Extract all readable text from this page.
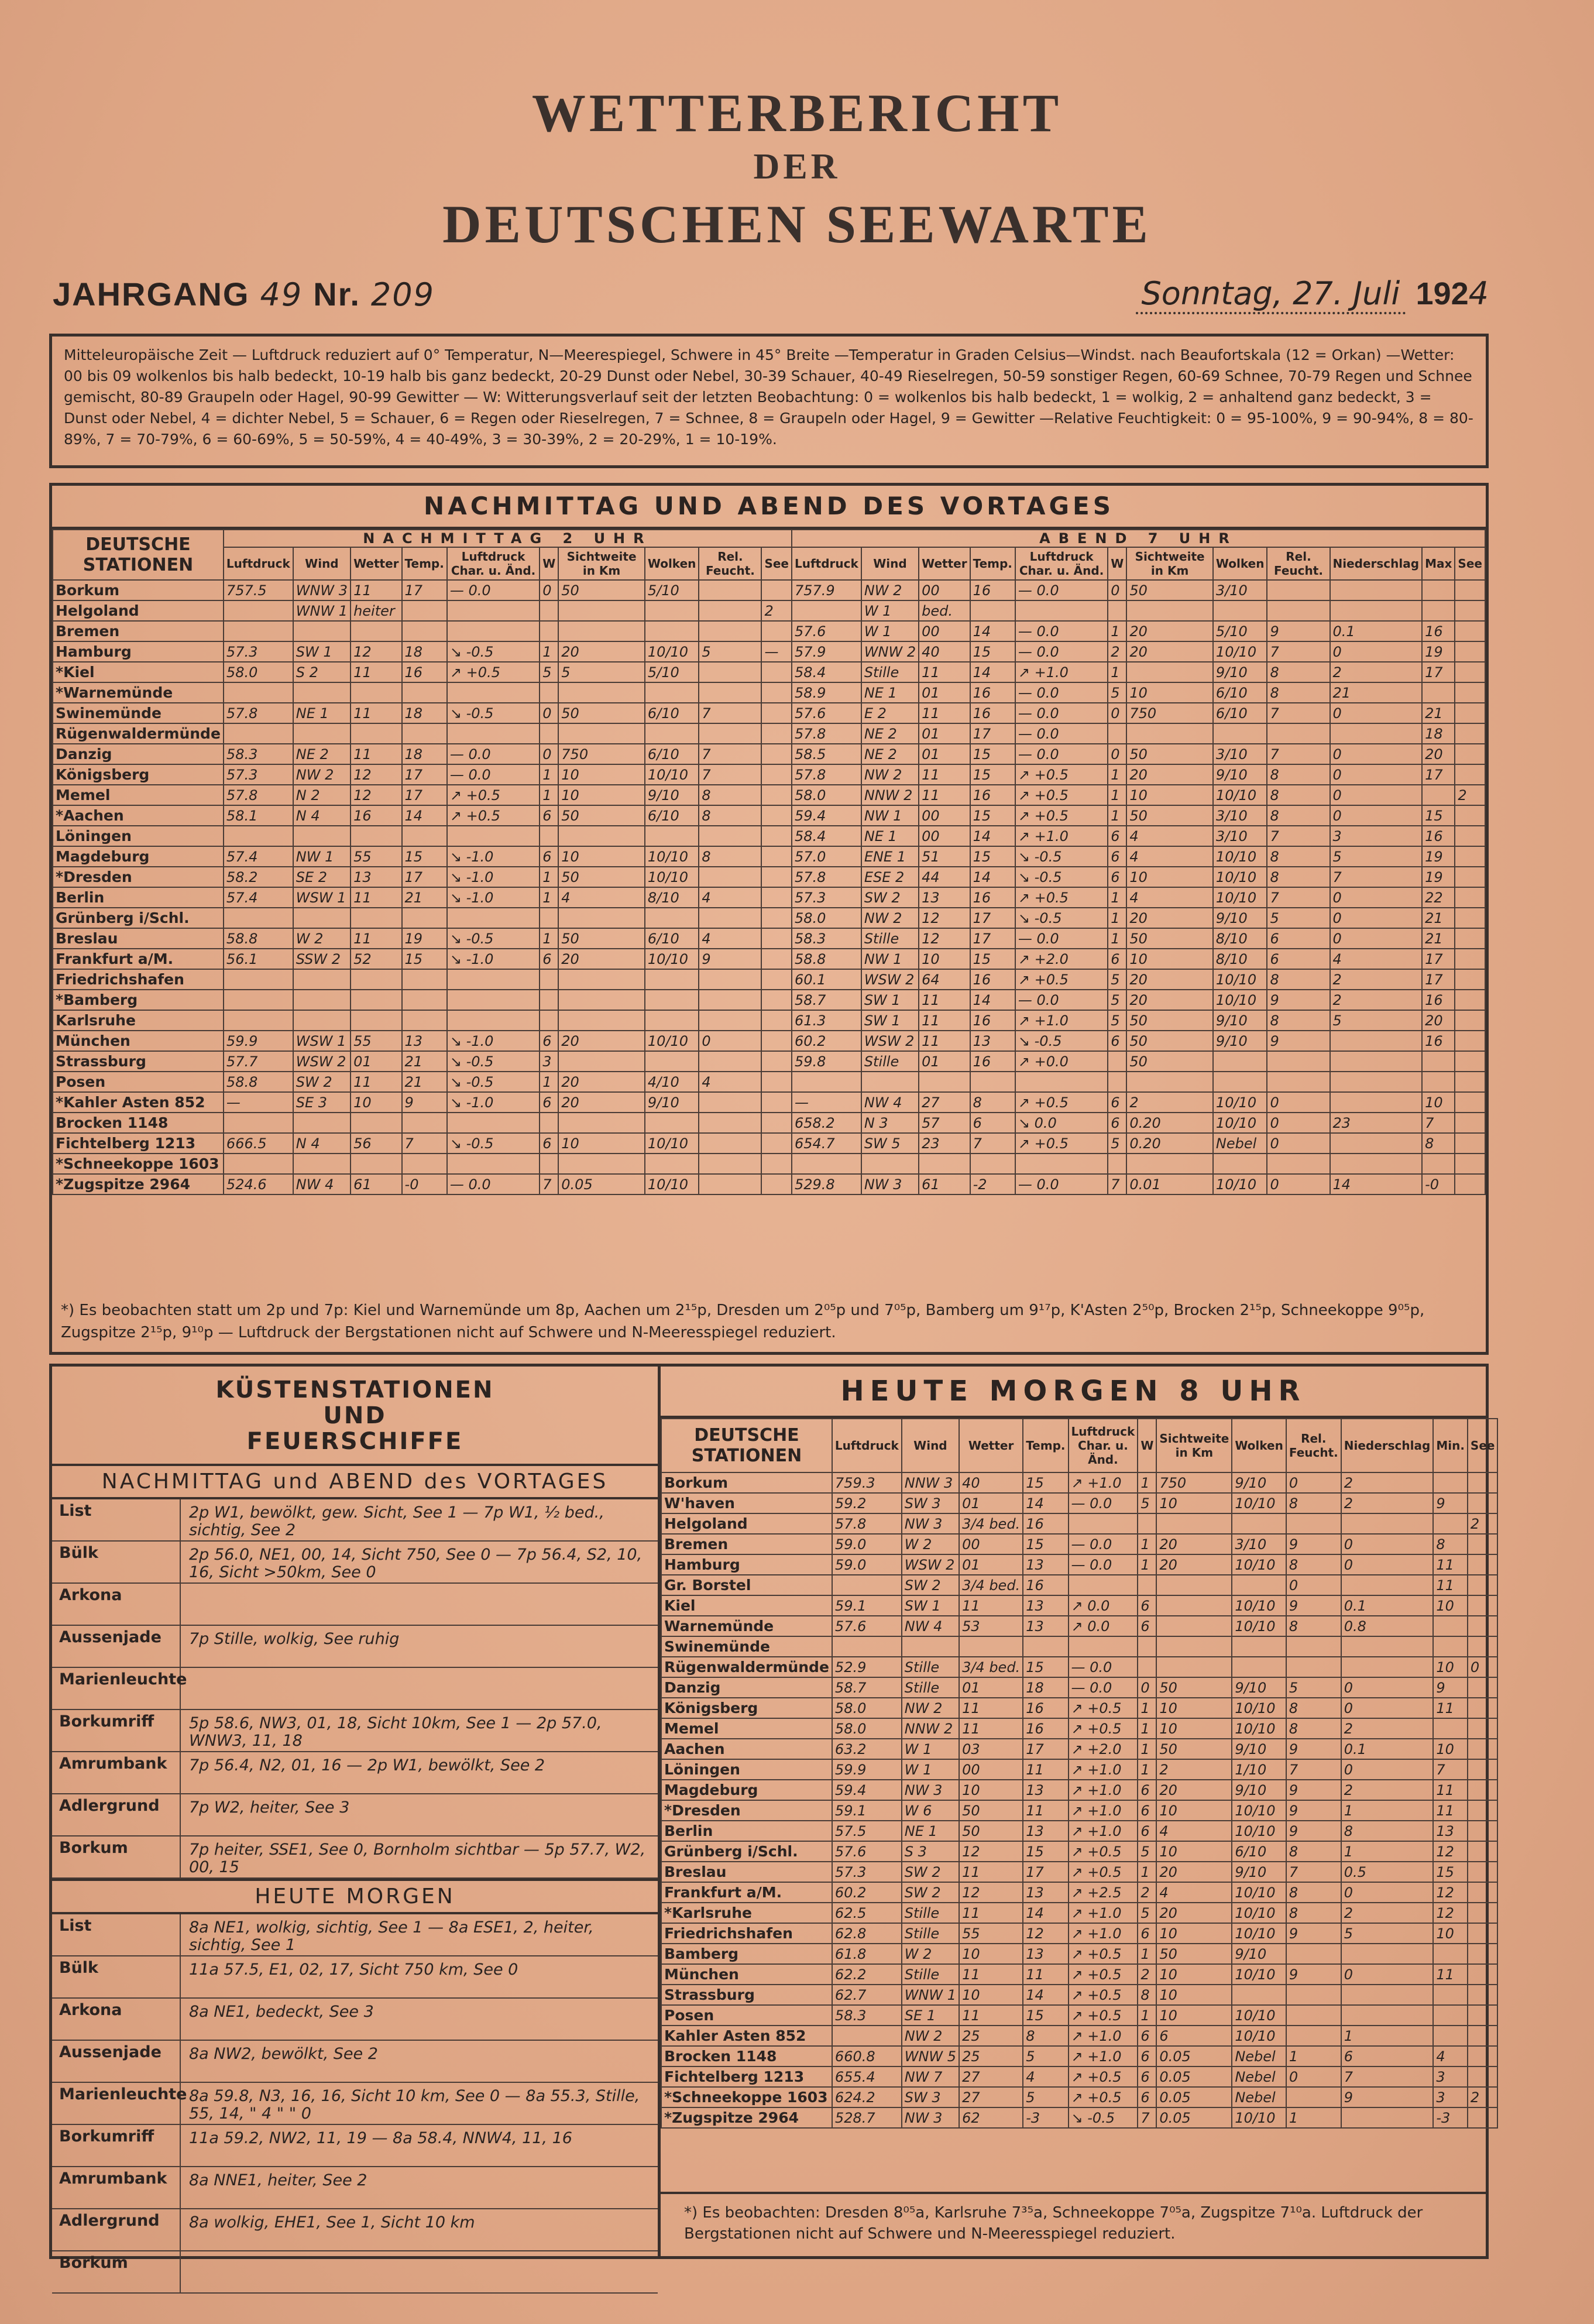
WETTERBERICHT
DER
DEUTSCHEN SEEWARTE
JAHRGANG 49 Nr. 209	Sonntag, 27. Juli 1924

Mitteleuropäische Zeit — Luftdruck reduziert auf 0° Temperatur, N—Meerespiegel, Schwere in 45° Breite —Temperatur in Graden Celsius—Windst. nach Beaufortskala (12 = Orkan) —Wetter: 00 bis 09 wolkenlos bis halb bedeckt, 10-19 halb bis ganz bedeckt, 20-29 Dunst oder Nebel, 30-39 Schauer, 40-49 Rieselregen, 50-59 sonstiger Regen, 60-69 Schnee, 70-79 Regen und Schnee gemischt, 80-89 Graupeln oder Hagel, 90-99 Gewitter — W: Witterungsverlauf seit der letzten Beobachtung: 0 = wolkenlos bis halb bedeckt, 1 = wolkig, 2 = anhaltend ganz bedeckt, 3 = Dunst oder Nebel, 4 = dichter Nebel, 5 = Schauer, 6 = Regen oder Rieselregen, 7 = Schnee, 8 = Graupeln oder Hagel, 9 = Gewitter —Relative Feuchtigkeit: 0 = 95-100%, 9 = 90-94%, 8 = 80-89%, 7 = 70-79%, 6 = 60-69%, 5 = 50-59%, 4 = 40-49%, 3 = 30-39%, 2 = 20-29%, 1 = 10-19%.

NACHMITTAG UND ABEND DES VORTAGES
DEUTSCHE STATIONEN	NACHMITTAG 2 UHR										ABEND 7 UHR											
	Luftdruck	Wind	Wetter	Temp.	Luftdruck Char. u. Änd.	W	Sichtweite in Km	Wolken	Rel. Feucht.	See	Luftdruck	Wind	Wetter	Temp.	Luftdruck Char. u. Änd.	W	Sichtweite in Km	Wolken	Rel. Feucht.	Niederschlag	Max	See
Borkum	757.5	WNW 3	11	17	— 0.0	0	50	5/10			757.9	NW 2	00	16	— 0.0	0	50	3/10				
Helgoland		WNW 1	heiter							2		W 1	bed.									
Bremen											57.6	W 1	00	14	— 0.0	1	20	5/10	9	0.1	16	
Hamburg	57.3	SW 1	12	18	↘ -0.5	1	20	10/10	5	—	57.9	WNW 2	40	15	— 0.0	2	20	10/10	7	0	19	
*Kiel	58.0	S 2	11	16	↗ +0.5	5	5	5/10			58.4	Stille	11	14	↗ +1.0	1		9/10	8	2	17	
*Warnemünde											58.9	NE 1	01	16	— 0.0	5	10	6/10	8	21		
Swinemünde	57.8	NE 1	11	18	↘ -0.5	0	50	6/10	7		57.6	E 2	11	16	— 0.0	0	750	6/10	7	0	21	
Rügenwaldermünde											57.8	NE 2	01	17	— 0.0						18	
Danzig	58.3	NE 2	11	18	— 0.0	0	750	6/10	7		58.5	NE 2	01	15	— 0.0	0	50	3/10	7	0	20	
Königsberg	57.3	NW 2	12	17	— 0.0	1	10	10/10	7		57.8	NW 2	11	15	↗ +0.5	1	20	9/10	8	0	17	
Memel	57.8	N 2	12	17	↗ +0.5	1	10	9/10	8		58.0	NNW 2	11	16	↗ +0.5	1	10	10/10	8	0		2
*Aachen	58.1	N 4	16	14	↗ +0.5	6	50	6/10	8		59.4	NW 1	00	15	↗ +0.5	1	50	3/10	8	0	15	
Löningen											58.4	NE 1	00	14	↗ +1.0	6	4	3/10	7	3	16	
Magdeburg	57.4	NW 1	55	15	↘ -1.0	6	10	10/10	8		57.0	ENE 1	51	15	↘ -0.5	6	4	10/10	8	5	19	
*Dresden	58.2	SE 2	13	17	↘ -1.0	1	50	10/10			57.8	ESE 2	44	14	↘ -0.5	6	10	10/10	8	7	19	
Berlin	57.4	WSW 1	11	21	↘ -1.0	1	4	8/10	4		57.3	SW 2	13	16	↗ +0.5	1	4	10/10	7	0	22	
Grünberg i/Schl.											58.0	NW 2	12	17	↘ -0.5	1	20	9/10	5	0	21	
Breslau	58.8	W 2	11	19	↘ -0.5	1	50	6/10	4		58.3	Stille	12	17	— 0.0	1	50	8/10	6	0	21	
Frankfurt a/M.	56.1	SSW 2	52	15	↘ -1.0	6	20	10/10	9		58.8	NW 1	10	15	↗ +2.0	6	10	8/10	6	4	17	
Friedrichshafen											60.1	WSW 2	64	16	↗ +0.5	5	20	10/10	8	2	17	
*Bamberg											58.7	SW 1	11	14	— 0.0	5	20	10/10	9	2	16	
Karlsruhe											61.3	SW 1	11	16	↗ +1.0	5	50	9/10	8	5	20	
München	59.9	WSW 1	55	13	↘ -1.0	6	20	10/10	0		60.2	WSW 2	11	13	↘ -0.5	6	50	9/10	9		16	
Strassburg	57.7	WSW 2	01	21	↘ -0.5	3					59.8	Stille	01	16	↗ +0.0		50					
Posen	58.8	SW 2	11	21	↘ -0.5	1	20	4/10	4													
*Kahler Asten 852	—	SE 3	10	9	↘ -1.0	6	20	9/10			—	NW 4	27	8	↗ +0.5	6	2	10/10	0		10	
Brocken 1148											658.2	N 3	57	6	↘ 0.0	6	0.20	10/10	0	23	7	
Fichtelberg 1213	666.5	N 4	56	7	↘ -0.5	6	10	10/10			654.7	SW 5	23	7	↗ +0.5	5	0.20	Nebel	0		8	
*Schneekoppe 1603																						
*Zugspitze 2964	524.6	NW 4	61	-0	— 0.0	7	0.05	10/10			529.8	NW 3	61	-2	— 0.0	7	0.01	10/10	0	14	-0	
*) Es beobachten statt um 2p und 7p: Kiel und Warnemünde um 8p, Aachen um 2¹⁵p, Dresden um 2⁰⁵p und 7⁰⁵p, Bamberg um 9¹⁷p, K'Asten 2⁵⁰p, Brocken 2¹⁵p, Schneekoppe 9⁰⁵p, Zugspitze 2¹⁵p, 9¹⁰p — Luftdruck der Bergstationen nicht auf Schwere und N-Meeresspiegel reduziert.
KÜSTENSTATIONEN
UND
FEUERSCHIFFE
NACHMITTAG und ABEND des VORTAGES
List	2p W1, bewölkt, gew. Sicht, See 1 — 7p W1, ½ bed., sichtig, See 2
Bülk	2p 56.0, NE1, 00, 14, Sicht 750, See 0 — 7p 56.4, S2, 10, 16, Sicht >50km, See 0
Arkona
Aussenjade	7p Stille, wolkig, See ruhig
Marienleuchte
Borkumriff	5p 58.6, NW3, 01, 18, Sicht 10km, See 1 — 2p 57.0, WNW3, 11, 18
Amrumbank	7p 56.4, N2, 01, 16 — 2p W1, bewölkt, See 2
Adlergrund	7p W2, heiter, See 3
Borkum	7p heiter, SSE1, See 0, Bornholm sichtbar — 5p 57.7, W2, 00, 15
HEUTE MORGEN
List	8a NE1, wolkig, sichtig, See 1 — 8a ESE1, 2, heiter, sichtig, See 1
Bülk	11a 57.5, E1, 02, 17, Sicht 750 km, See 0
Arkona	8a NE1, bedeckt, See 3
Aussenjade	8a NW2, bewölkt, See 2
Marienleuchte 8a 59.8, N3, 16, 16, Sicht 10 km, See 0 — 8a 55.3, Stille, 55, 14, " 4 " " 0
Borkumriff	11a 59.2, NW2, 11, 19 — 8a 58.4, NNW4, 11, 16
Amrumbank	8a NNE1, heiter, See 2
Adlergrund	8a wolkig, EHE1, See 1, Sicht 10 km
Borkum
HEUTE MORGEN 8 UHR
DEUTSCHE STATIONEN	Luftdruck	Wind	Wetter	Temp.	Luftdruck Char. u. Änd.	W	Sichtweite in Km	Wolken	Rel. Feucht.	Niederschlag	Min.	See
Borkum	759.3	NNW 3	40	15	↗ +1.0	1	750	9/10	0	2		
W'haven	59.2	SW 3	01	14	— 0.0	5	10	10/10	8	2	9	
Helgoland	57.8	NW 3	3/4 bed.	16								2
Bremen	59.0	W 2	00	15	— 0.0	1	20	3/10	9	0	8	
Hamburg	59.0	WSW 2	01	13	— 0.0	1	20	10/10	8	0	11	
Gr. Borstel		SW 2	3/4 bed.	16					0		11	
Kiel	59.1	SW 1	11	13	↗ 0.0	6		10/10	9	0.1	10	
Warnemünde	57.6	NW 4	53	13	↗ 0.0	6		10/10	8	0.8		
Swinemünde												
Rügenwaldermünde	52.9	Stille	3/4 bed.	15	— 0.0						10	0
Danzig	58.7	Stille	01	18	— 0.0	0	50	9/10	5	0	9	
Königsberg	58.0	NW 2	11	16	↗ +0.5	1	10	10/10	8	0	11	
Memel	58.0	NNW 2	11	16	↗ +0.5	1	10	10/10	8	2		
Aachen	63.2	W 1	03	17	↗ +2.0	1	50	9/10	9	0.1	10	
Löningen	59.9	W 1	00	11	↗ +1.0	1	2	1/10	7	0	7	
Magdeburg	59.4	NW 3	10	13	↗ +1.0	6	20	9/10	9	2	11	
*Dresden	59.1	W 6	50	11	↗ +1.0	6	10	10/10	9	1	11	
Berlin	57.5	NE 1	50	13	↗ +1.0	6	4	10/10	9	8	13	
Grünberg i/Schl.	57.6	S 3	12	15	↗ +0.5	5	10	6/10	8	1	12	
Breslau	57.3	SW 2	11	17	↗ +0.5	1	20	9/10	7	0.5	15	
Frankfurt a/M.	60.2	SW 2	12	13	↗ +2.5	2	4	10/10	8	0	12	
*Karlsruhe	62.5	Stille	11	14	↗ +1.0	5	20	10/10	8	2	12	
Friedrichshafen	62.8	Stille	55	12	↗ +1.0	6	10	10/10	9	5	10	
Bamberg	61.8	W 2	10	13	↗ +0.5	1	50	9/10				
München	62.2	Stille	11	11	↗ +0.5	2	10	10/10	9	0	11	
Strassburg	62.7	WNW 1	10	14	↗ +0.5	8	10					
Posen	58.3	SE 1	11	15	↗ +0.5	1	10	10/10				
Kahler Asten 852		NW 2	25	8	↗ +1.0	6	6	10/10		1		
Brocken 1148	660.8	WNW 5	25	5	↗ +1.0	6	0.05	Nebel	1	6	4	
Fichtelberg 1213	655.4	NW 7	27	4	↗ +0.5	6	0.05	Nebel	0	7	3	
*Schneekoppe 1603	624.2	SW 3	27	5	↗ +0.5	6	0.05	Nebel		9	3	2
*Zugspitze 2964	528.7	NW 3	62	-3	↘ -0.5	7	0.05	10/10	1		-3	
*) Es beobachten: Dresden 8⁰⁵a, Karlsruhe 7³⁵a, Schneekoppe 7⁰⁵a, Zugspitze 7¹⁰a. Luftdruck der Bergstationen nicht auf Schwere und N-Meeresspiegel reduziert.
